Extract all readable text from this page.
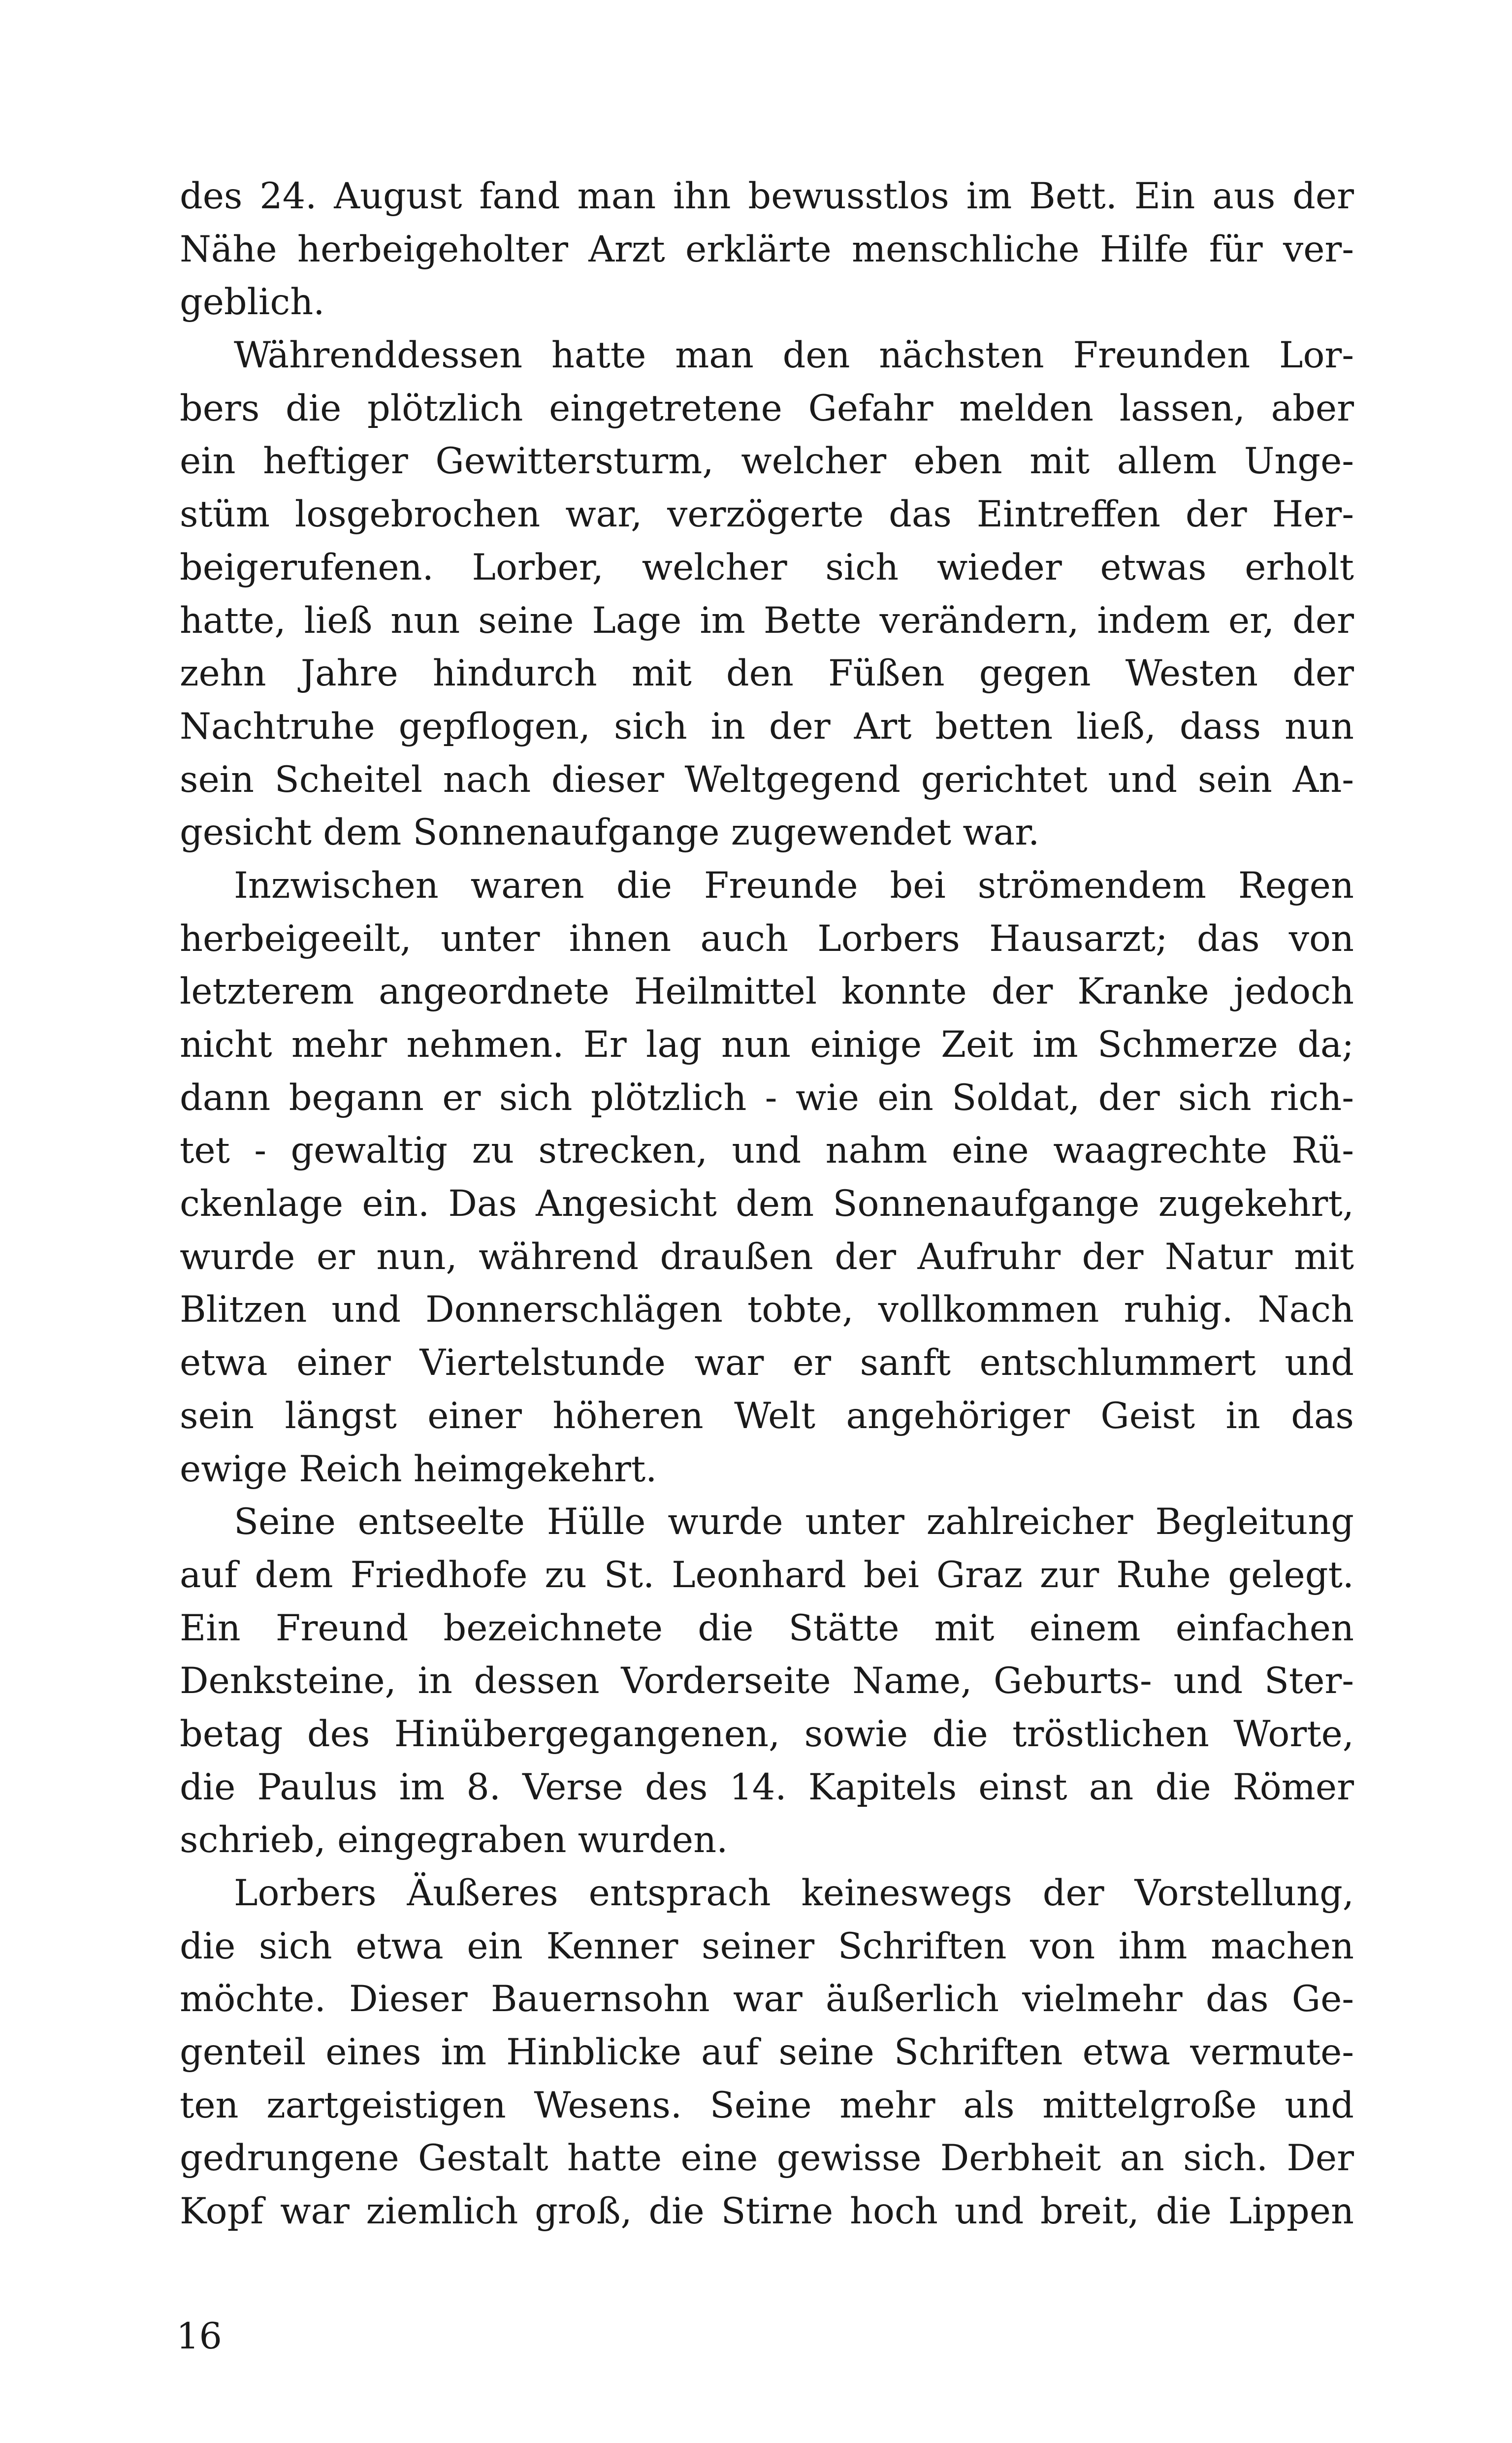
des 24. August fand man ihn bewusstlos im Bett. Ein aus der
Nähe herbeigeholter Arzt erklärte menschliche Hilfe für ver-
geblich.
Währenddessen hatte man den nächsten Freunden Lor-
bers die plötzlich eingetretene Gefahr melden lassen, aber
ein heftiger Gewittersturm, welcher eben mit allem Unge-
stüm losgebrochen war, verzögerte das Eintreffen der Her-
beigerufenen. Lorber, welcher sich wieder etwas erholt
hatte, ließ nun seine Lage im Bette verändern, indem er, der
zehn Jahre hindurch mit den Füßen gegen Westen der
Nachtruhe gepflogen, sich in der Art betten ließ, dass nun
sein Scheitel nach dieser Weltgegend gerichtet und sein An-
gesicht dem Sonnenaufgange zugewendet war.
Inzwischen waren die Freunde bei strömendem Regen
herbeigeeilt, unter ihnen auch Lorbers Hausarzt; das von
letzterem angeordnete Heilmittel konnte der Kranke jedoch
nicht mehr nehmen. Er lag nun einige Zeit im Schmerze da;
dann begann er sich plötzlich - wie ein Soldat, der sich rich-
tet - gewaltig zu strecken, und nahm eine waagrechte Rü-
ckenlage ein. Das Angesicht dem Sonnenaufgange zugekehrt,
wurde er nun, während draußen der Aufruhr der Natur mit
Blitzen und Donnerschlägen tobte, vollkommen ruhig. Nach
etwa einer Viertelstunde war er sanft entschlummert und
sein längst einer höheren Welt angehöriger Geist in das
ewige Reich heimgekehrt.
Seine entseelte Hülle wurde unter zahlreicher Begleitung
auf dem Friedhofe zu St. Leonhard bei Graz zur Ruhe gelegt.
Ein Freund bezeichnete die Stätte mit einem einfachen
Denksteine, in dessen Vorderseite Name, Geburts- und Ster-
betag des Hinübergegangenen, sowie die tröstlichen Worte,
die Paulus im 8. Verse des 14. Kapitels einst an die Römer
schrieb, eingegraben wurden.
Lorbers Äußeres entsprach keineswegs der Vorstellung,
die sich etwa ein Kenner seiner Schriften von ihm machen
möchte. Dieser Bauernsohn war äußerlich vielmehr das Ge-
genteil eines im Hinblicke auf seine Schriften etwa vermute-
ten zartgeistigen Wesens. Seine mehr als mittelgroße und
gedrungene Gestalt hatte eine gewisse Derbheit an sich. Der
Kopf war ziemlich groß, die Stirne hoch und breit, die Lippen
16
